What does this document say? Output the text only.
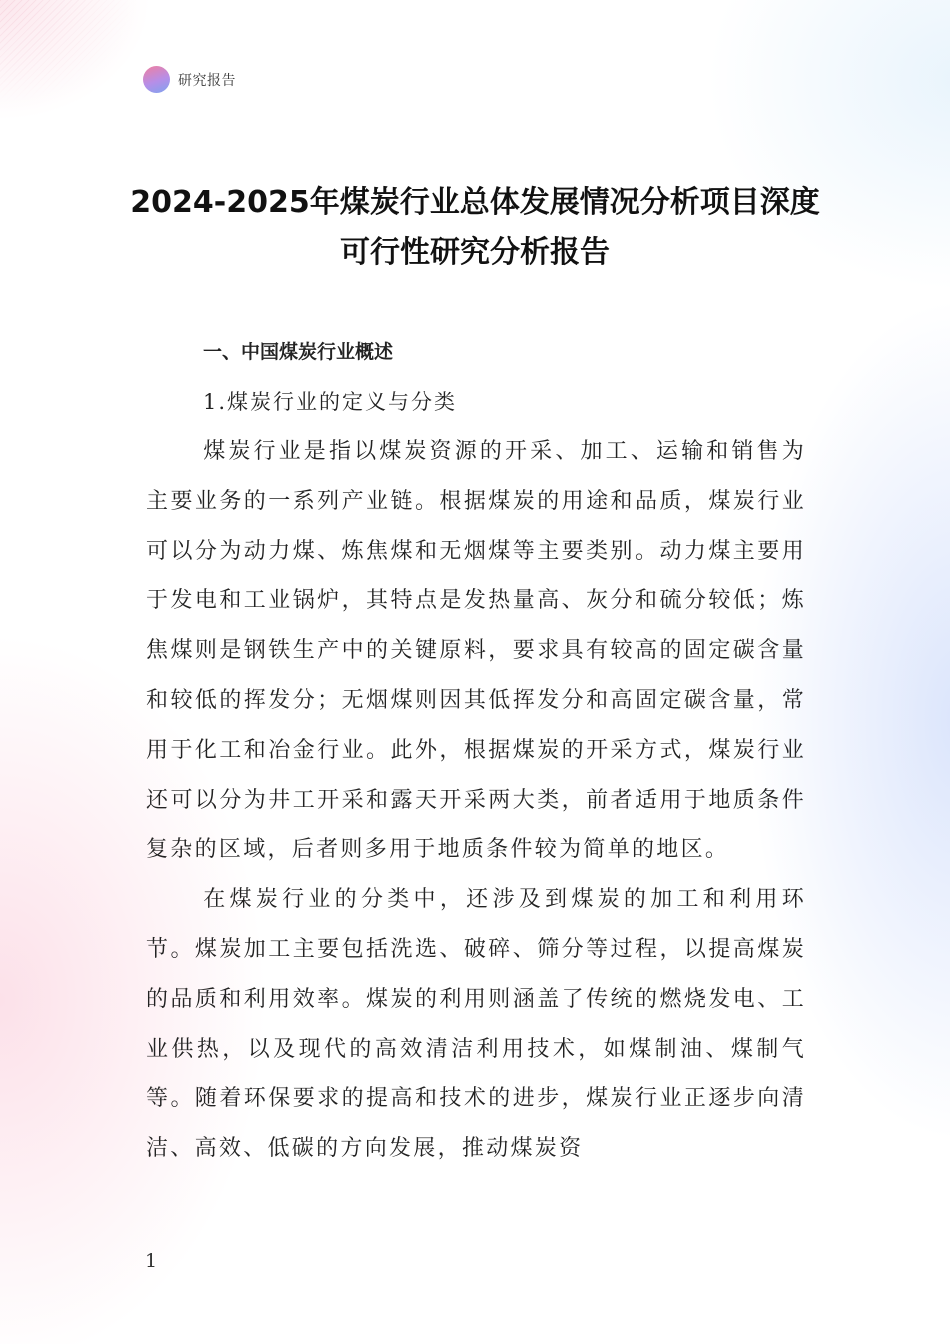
研究报告
2024-2025年煤炭行业总体发展情况分析项目深度可行性研究分析报告

一、中国煤炭行业概述

1.煤炭行业的定义与分类

煤炭行业是指以煤炭资源的开采、加工、运输和销售为主要业务的一系列产业链。根据煤炭的用途和品质，煤炭行业可以分为动力煤、炼焦煤和无烟煤等主要类别。动力煤主要用于发电和工业锅炉，其特点是发热量高、灰分和硫分较低；炼焦煤则是钢铁生产中的关键原料，要求具有较高的固定碳含量和较低的挥发分；无烟煤则因其低挥发分和高固定碳含量，常用于化工和冶金行业。此外，根据煤炭的开采方式，煤炭行业还可以分为井工开采和露天开采两大类，前者适用于地质条件复杂的区域，后者则多用于地质条件较为简单的地区。

在煤炭行业的分类中，还涉及到煤炭的加工和利用环节。煤炭加工主要包括洗选、破碎、筛分等过程，以提高煤炭的品质和利用效率。煤炭的利用则涵盖了传统的燃烧发电、工业供热，以及现代的高效清洁利用技术，如煤制油、煤制气等。随着环保要求的提高和技术的进步，煤炭行业正逐步向清洁、高效、低碳的方向发展，推动煤炭资

1
